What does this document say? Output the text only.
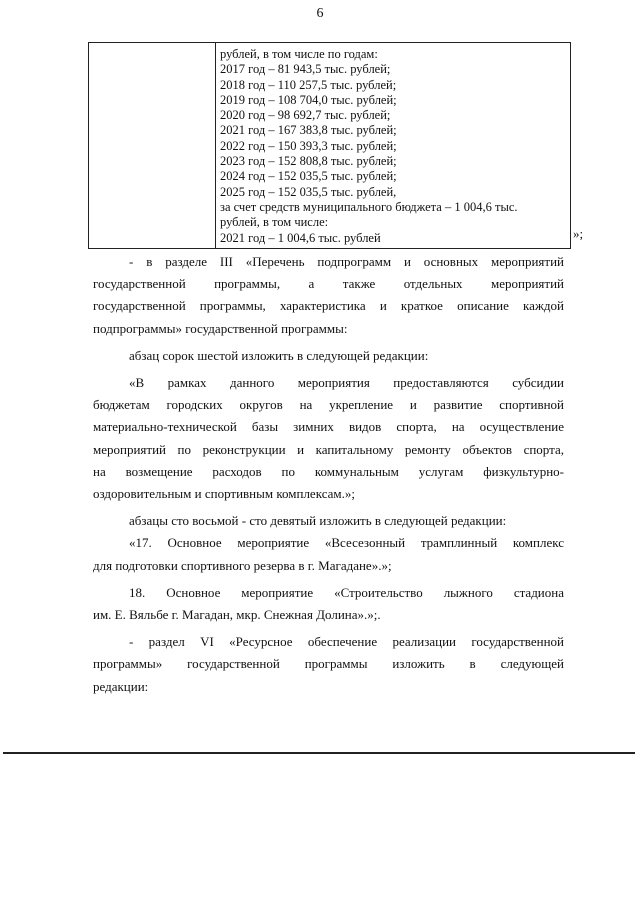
6

рублей, в том числе по годам:
2017 год – 81 943,5 тыс. рублей;
2018 год – 110 257,5 тыс. рублей;
2019 год – 108 704,0 тыс. рублей;
2020 год – 98 692,7 тыс. рублей;
2021 год – 167 383,8 тыс. рублей;
2022 год – 150 393,3 тыс. рублей;
2023 год – 152 808,8 тыс. рублей;
2024 год – 152 035,5 тыс. рублей;
2025 год – 152 035,5 тыс. рублей,
за счет средств муниципального бюджета – 1 004,6 тыс.
рублей, в том числе:
2021 год – 1 004,6 тыс. рублей	»;

- в разделе III «Перечень подпрограмм и основных мероприятий
государственной программы, а также отдельных мероприятий
государственной программы, характеристика и краткое описание каждой
подпрограммы» государственной программы:

абзац сорок шестой изложить в следующей редакции:

«В рамках данного мероприятия предоставляются субсидии
бюджетам городских округов на укрепление и развитие спортивной
материально-технической базы зимних видов спорта, на осуществление
мероприятий по реконструкции и капитальному ремонту объектов спорта,
на возмещение расходов по коммунальным услугам физкультурно-
оздоровительным и спортивным комплексам.»;

абзацы сто восьмой - сто девятый изложить в следующей редакции:

«17. Основное мероприятие «Всесезонный трамплинный комплекс
для подготовки спортивного резерва в г. Магадане».»;

18. Основное мероприятие «Строительство лыжного стадиона
им. Е. Вяльбе г. Магадан, мкр. Снежная Долина».»;.

- раздел VI «Ресурсное обеспечение реализации государственной
программы» государственной программы изложить в следующей
редакции:
